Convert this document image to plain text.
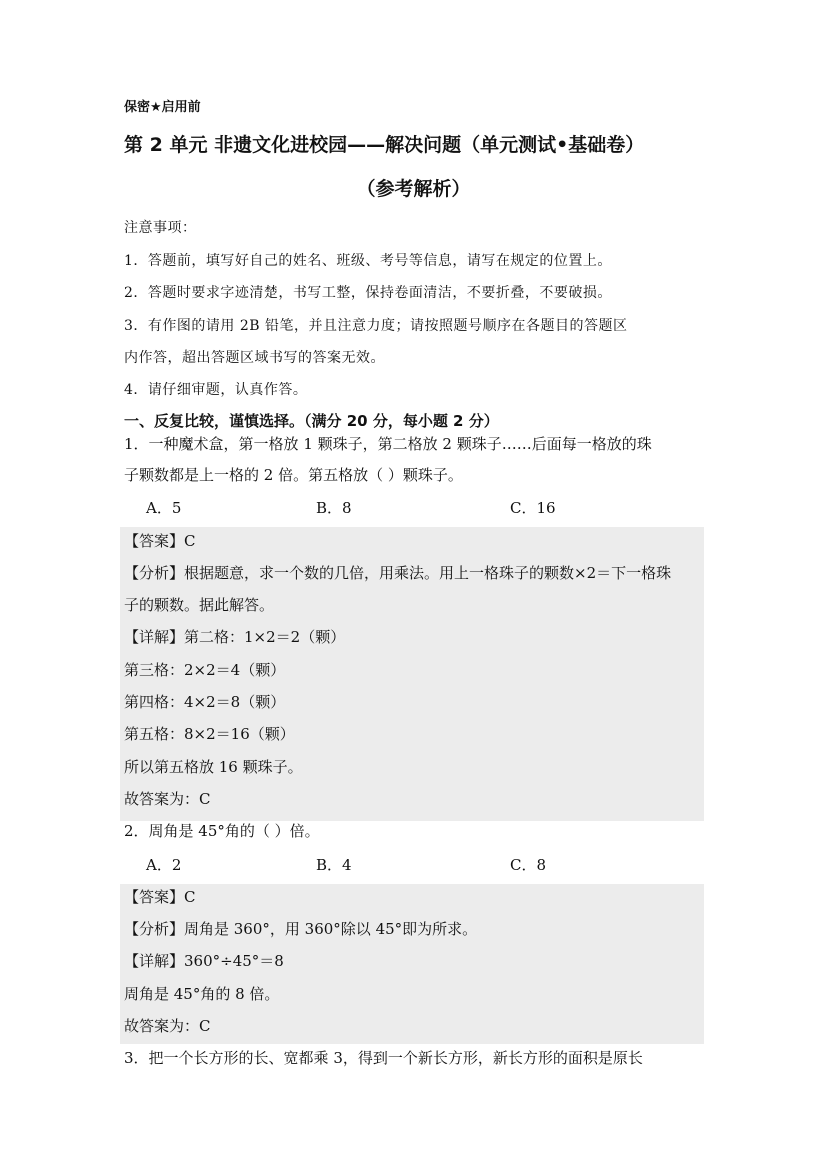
保密★启用前
第 2 单元 非遗文化进校园——解决问题（单元测试•基础卷）
（参考解析）
注意事项：
1．答题前，填写好自己的姓名、班级、考号等信息，请写在规定的位置上。
2．答题时要求字迹清楚，书写工整，保持卷面清洁，不要折叠，不要破损。
3．有作图的请用 2B 铅笔，并且注意力度；请按照题号顺序在各题目的答题区
内作答，超出答题区域书写的答案无效。
4．请仔细审题，认真作答。
一、反复比较，谨慎选择。（满分 20 分，每小题 2 分）
1．一种魔术盒，第一格放 1 颗珠子，第二格放 2 颗珠子……后面每一格放的珠
子颗数都是上一格的 2 倍。第五格放（ ）颗珠子。
A．5	B．8	C．16
【答案】C
【分析】根据题意，求一个数的几倍，用乘法。用上一格珠子的颗数×2＝下一格珠
子的颗数。据此解答。
【详解】第二格：1×2＝2（颗）
第三格：2×2＝4（颗）
第四格：4×2＝8（颗）
第五格：8×2＝16（颗）
所以第五格放 16 颗珠子。
故答案为：C
2．周角是 45°角的（ ）倍。
A．2	B．4	C．8
【答案】C
【分析】周角是 360°，用 360°除以 45°即为所求。
【详解】360°÷45°＝8
周角是 45°角的 8 倍。
故答案为：C
3．把一个长方形的长、宽都乘 3，得到一个新长方形，新长方形的面积是原长
